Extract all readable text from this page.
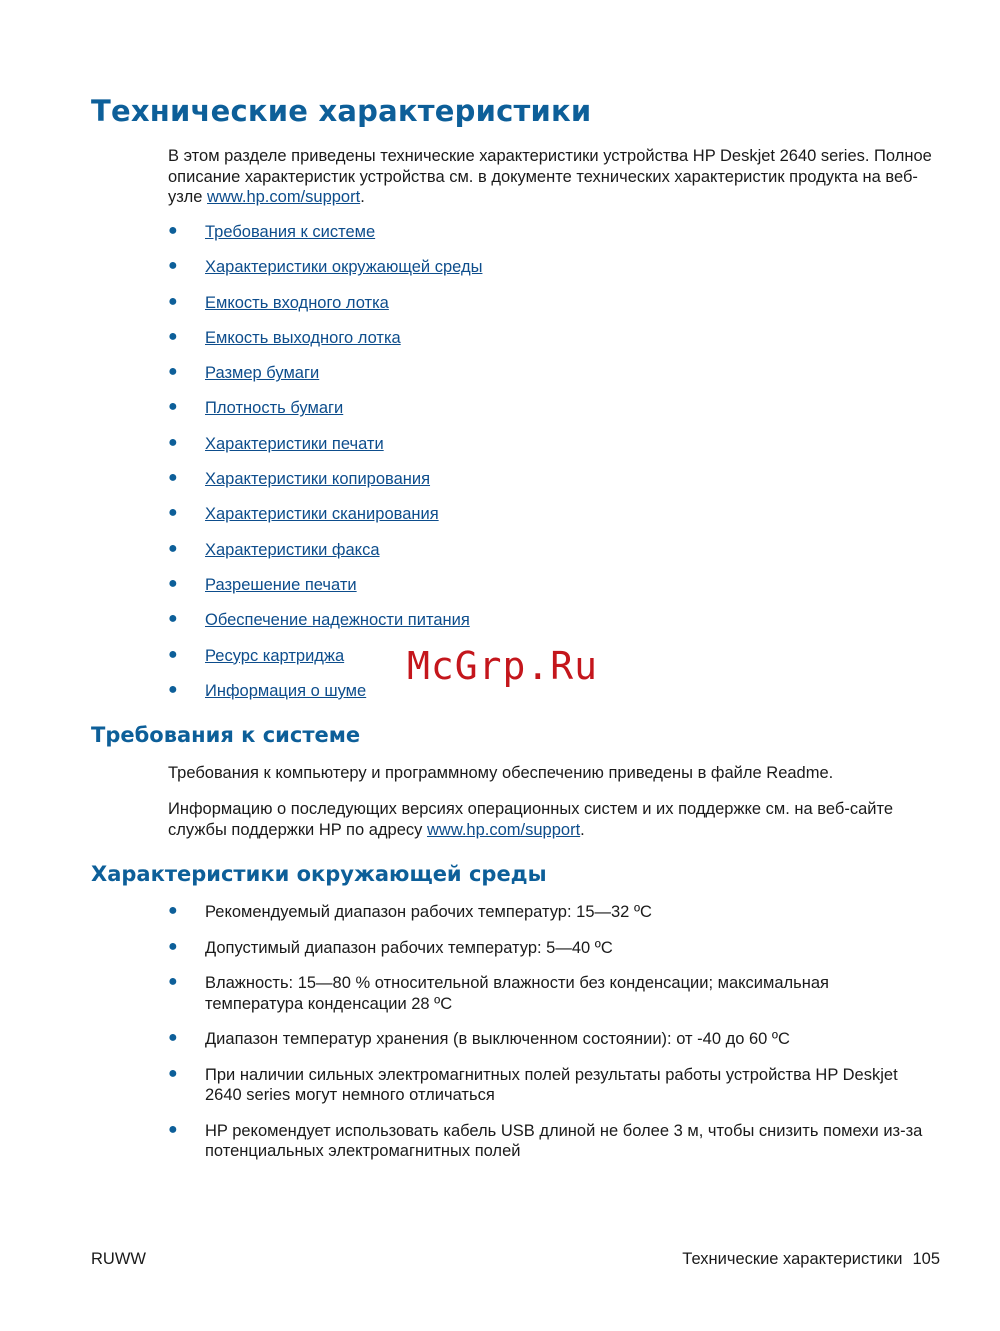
Технические характеристики

В этом разделе приведены технические характеристики устройства HP Deskjet 2640 series. Полное описание характеристик устройства см. в документе технических характеристик продукта на веб-узле www.hp.com/support.

● Требования к системе
● Характеристики окружающей среды
● Емкость входного лотка
● Емкость выходного лотка
● Размер бумаги
● Плотность бумаги
● Характеристики печати
● Характеристики копирования
● Характеристики сканирования
● Характеристики факса
● Разрешение печати
● Обеспечение надежности питания
● Ресурс картриджа
● Информация о шуме
McGrp.Ru
Требования к системе

Требования к компьютеру и программному обеспечению приведены в файле Readme.

Информацию о последующих версиях операционных систем и их поддержке см. на веб-сайте службы поддержки HP по адресу www.hp.com/support.

Характеристики окружающей среды
● Рекомендуемый диапазон рабочих температур: 15—32 ºC
● Допустимый диапазон рабочих температур: 5—40 ºC
● Влажность: 15—80 % относительной влажности без конденсации; максимальная температура конденсации 28 ºC
● Диапазон температур хранения (в выключенном состоянии): от -40 до 60 ºC
● При наличии сильных электромагнитных полей результаты работы устройства HP Deskjet 2640 series могут немного отличаться
● HP рекомендует использовать кабель USB длиной не более 3 м, чтобы снизить помехи из-за потенциальных электромагнитных полей
RUWW	Технические характеристики 105
